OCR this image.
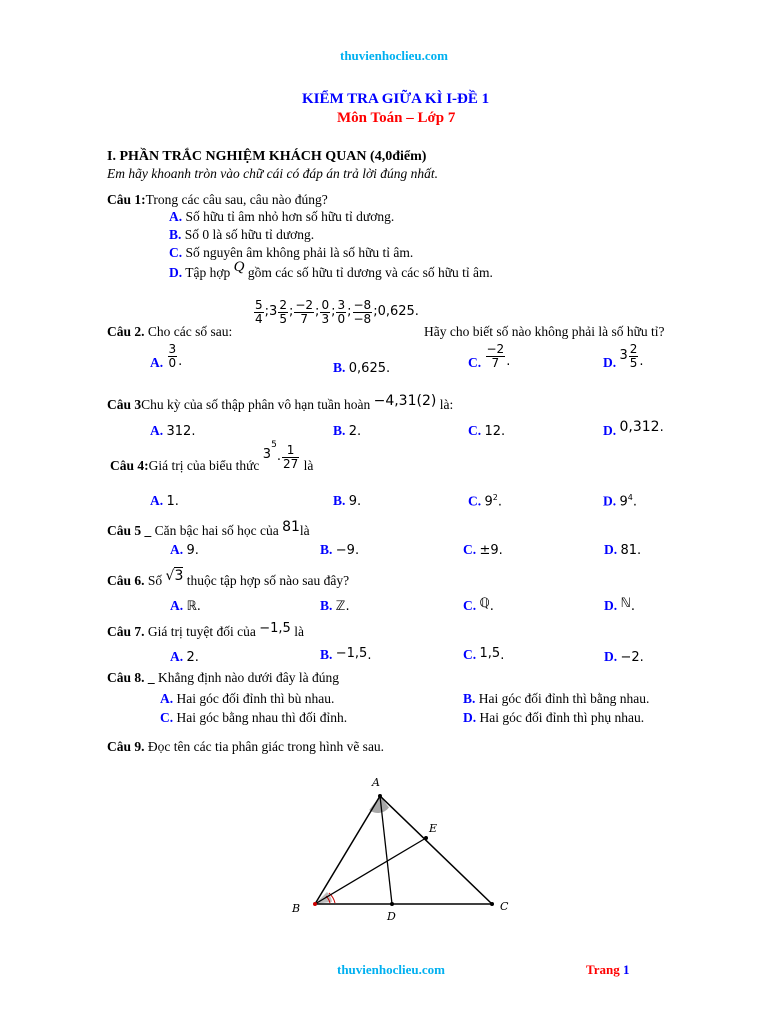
thuvienhoclieu.com
KIỂM TRA GIỮA KÌ I-ĐỀ 1
Môn Toán – Lớp 7
I. PHẦN TRẮC NGHIỆM KHÁCH QUAN (4,0điểm)
Em hãy khoanh tròn vào chữ cái có đáp án trả lời đúng nhất.
Câu 1:Trong các câu sau, câu nào đúng?
A. Số hữu tỉ âm nhỏ hơn số hữu tỉ dương.
B. Số 0 là số hữu tỉ dương.
C. Số nguyên âm không phải là số hữu tỉ âm.
D. Tập hợp Q gồm các số hữu tỉ dương và các số hữu tỉ âm.
$\frac{5}{4}$ ;3 $\frac{2}{5}$ ; $\frac{-2}{7}$ ; $\frac{0}{3}$ ; $\frac{3}{0}$ ; $\frac{-8}{-8}$ ;0,625.
Câu 2. Cho các số sau:	Hãy cho biết số nào không phải là số hữu tỉ?
A. $\frac{3}{0}$ .	B. 0,625.	C. $\frac{-2}{7}$ .	D. $3 \frac{2}{5}$ .
Câu 3Chu kỳ của số thập phân vô hạn tuần hoàn −4,31(2) là:
A. 312.	B. 2.	C. 12.	D. 0,312.
Câu 4:Giá trị của biểu thức $3^5$. $\frac{1}{27}$ là
A. 1.	B. 9.	C. $9^2$.	D. $9^4$.
Câu 5 _ Căn bậc hai số học của 81là
A. 9.	B. −9.	C. ±9.	D. 81.
Câu 6. Số √3 thuộc tập hợp số nào sau đây?
A. ℝ.	B. ℤ.	C. ℚ.	D. ℕ.
Câu 7. Giá trị tuyệt đối của −1,5 là
A. 2.	B. −1,5.	C. 1,5.	D. −2.
Câu 8. _ Khẳng định nào dưới đây là đúng
A. Hai góc đối đỉnh thì bù nhau.	B. Hai góc đối đỉnh thì bằng nhau.
C. Hai góc bằng nhau thì đối đỉnh.	D. Hai góc đối đỉnh thì phụ nhau.
Câu 9. Đọc tên các tia phân giác trong hình vẽ sau.
A
B	C
D
E
thuvienhoclieu.com	Trang 1
